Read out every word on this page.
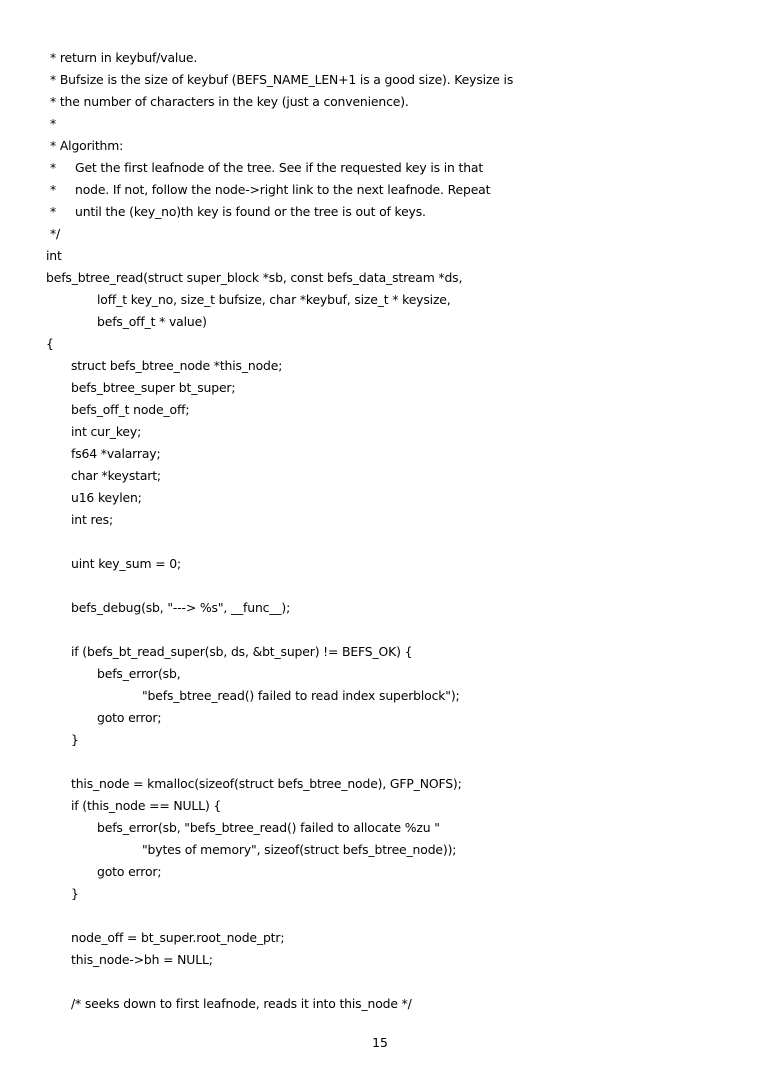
* return in keybuf/value.
* Bufsize is the size of keybuf (BEFS_NAME_LEN+1 is a good size). Keysize is
* the number of characters in the key (just a convenience).
*
* Algorithm:
*     Get the first leafnode of the tree. See if the requested key is in that
*     node. If not, follow the node->right link to the next leafnode. Repeat
*     until the (key_no)th key is found or the tree is out of keys.
*/
int
befs_btree_read(struct super_block *sb, const befs_data_stream *ds,
loff_t key_no, size_t bufsize, char *keybuf, size_t * keysize,
befs_off_t * value)
{
struct befs_btree_node *this_node;
befs_btree_super bt_super;
befs_off_t node_off;
int cur_key;
fs64 *valarray;
char *keystart;
u16 keylen;
int res;
uint key_sum = 0;
befs_debug(sb, "---> %s", __func__);
if (befs_bt_read_super(sb, ds, &bt_super) != BEFS_OK) {
befs_error(sb,
"befs_btree_read() failed to read index superblock");
goto error;
}
this_node = kmalloc(sizeof(struct befs_btree_node), GFP_NOFS);
if (this_node == NULL) {
befs_error(sb, "befs_btree_read() failed to allocate %zu "
"bytes of memory", sizeof(struct befs_btree_node));
goto error;
}
node_off = bt_super.root_node_ptr;
this_node->bh = NULL;
/* seeks down to first leafnode, reads it into this_node */
15
